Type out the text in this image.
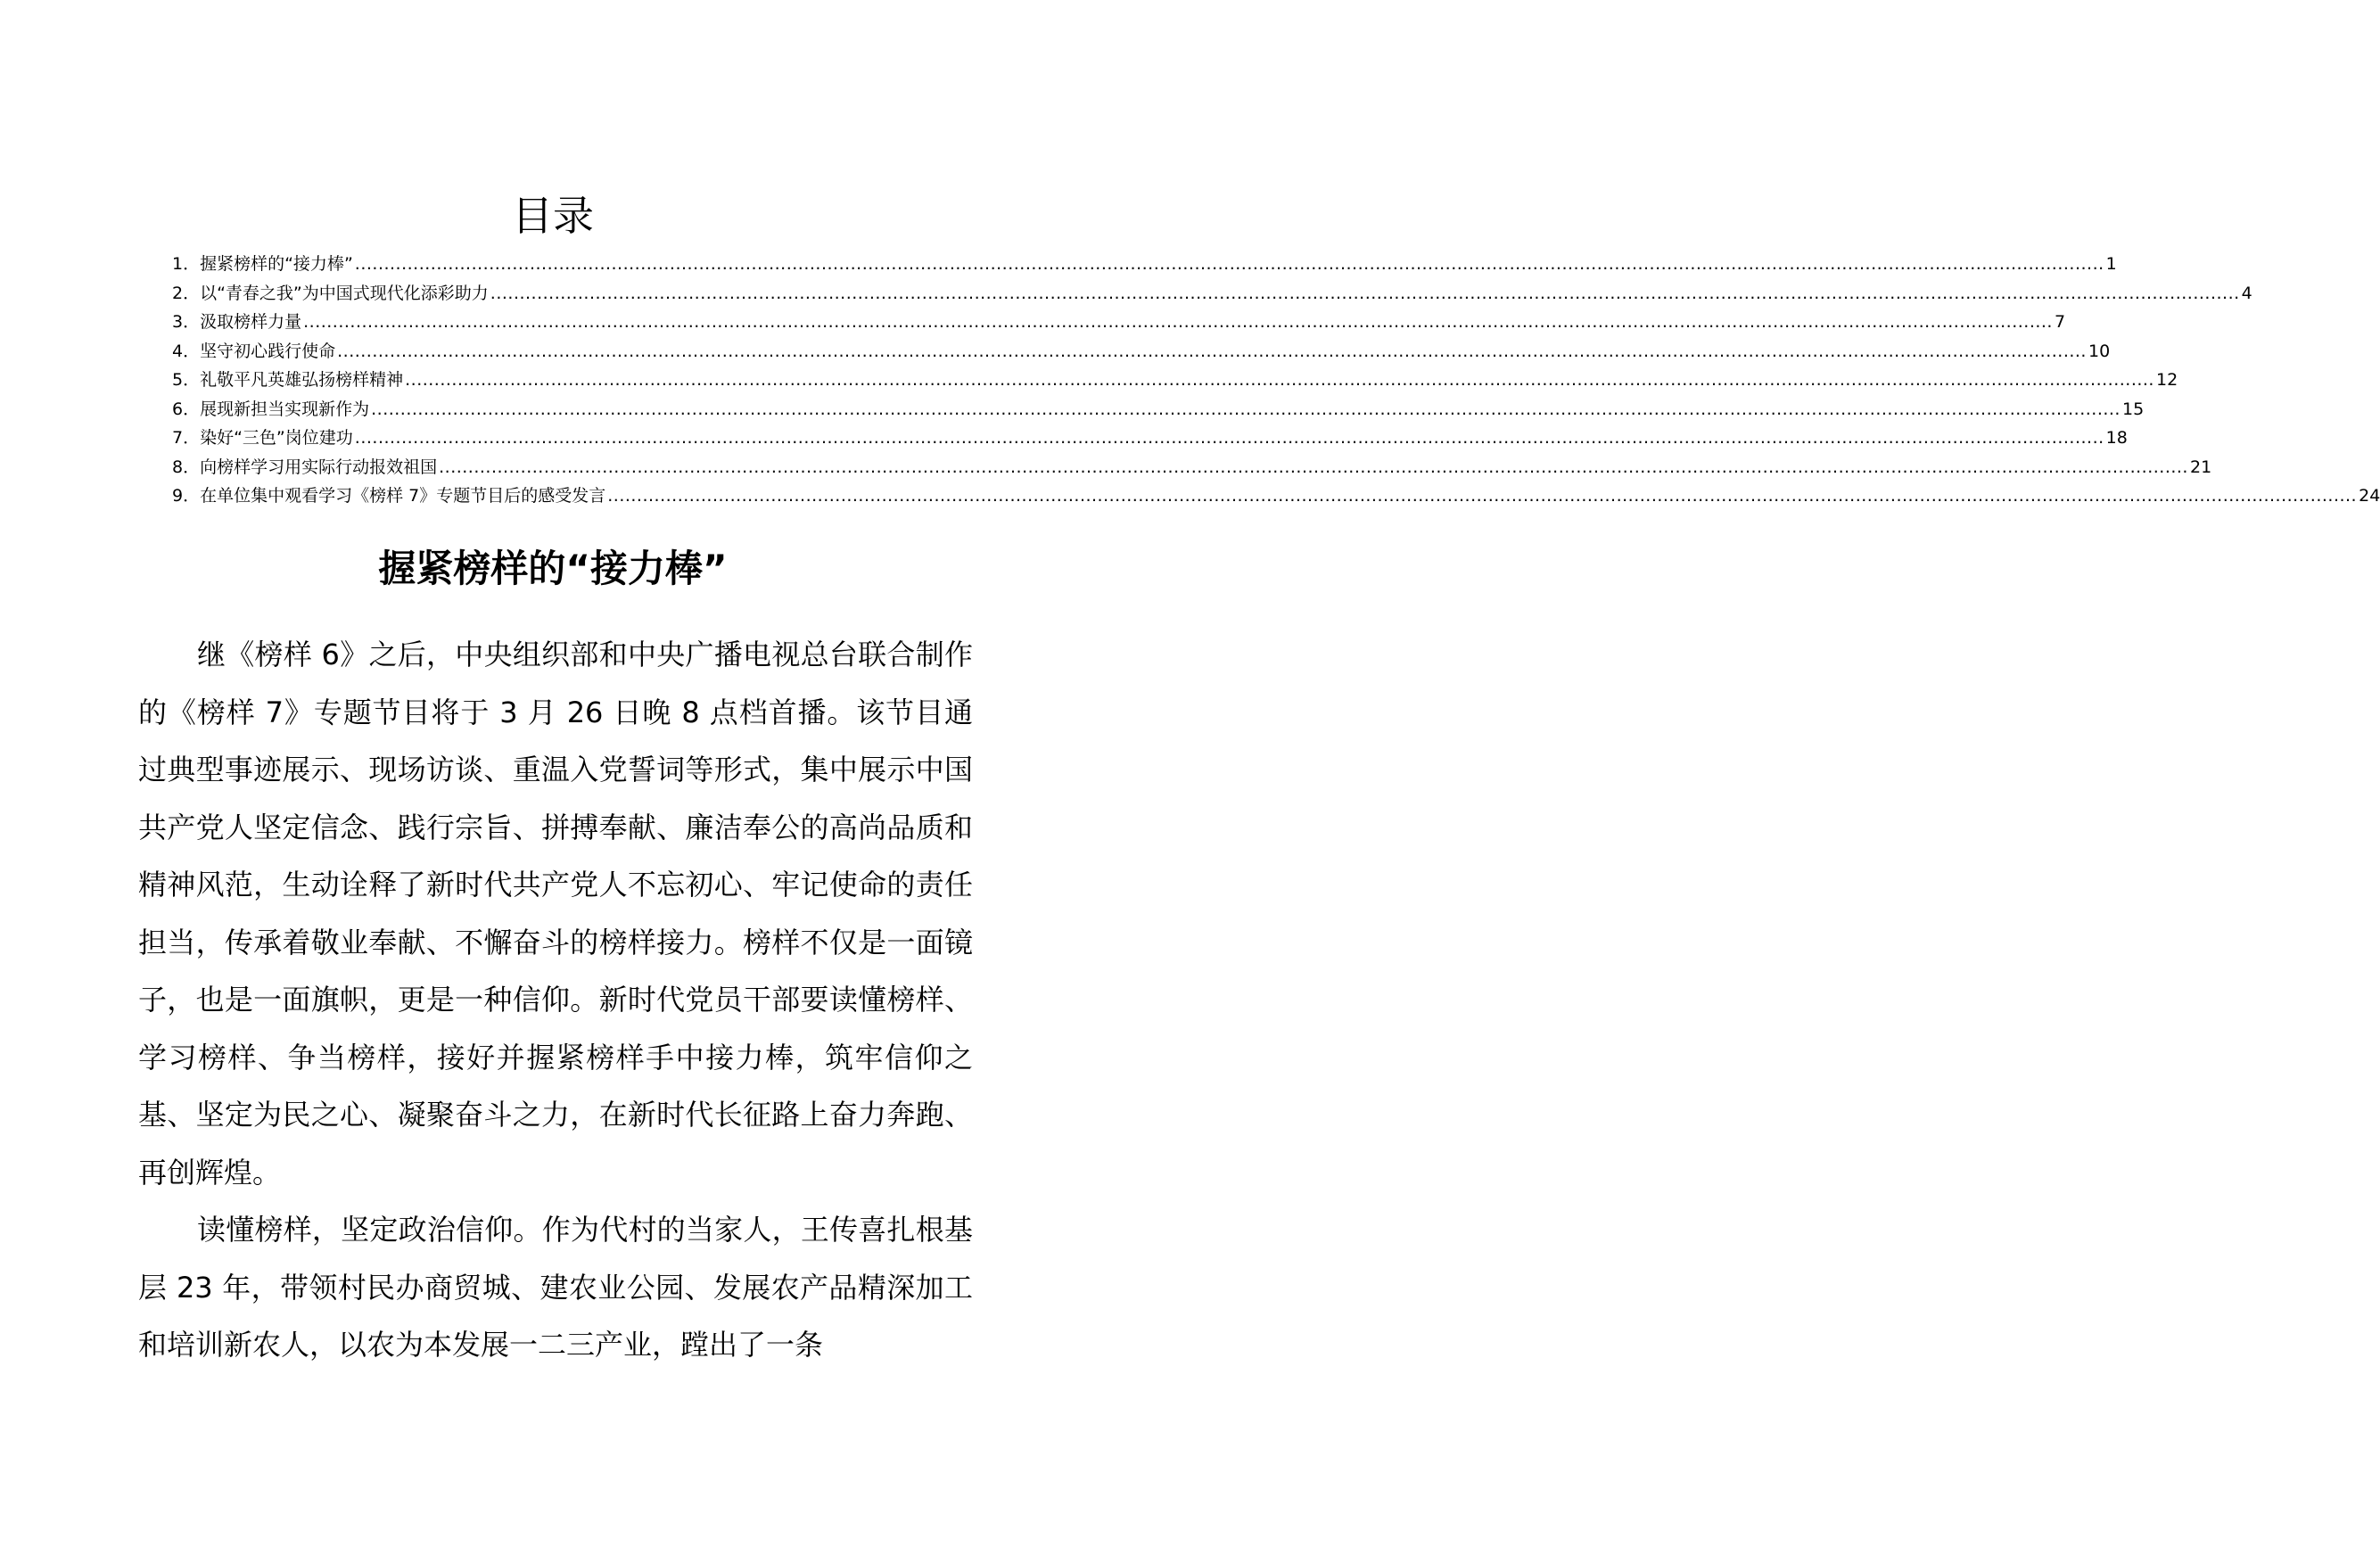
目录
1． 握紧榜样的“接力棒” ............................................................................................................................................................................................................................................................................................................ 1
2． 以“青春之我”为中国式现代化添彩助力 ............................................................................................................................................................................................................................................................................................................ 4
3． 汲取榜样力量 ............................................................................................................................................................................................................................................................................................................ 7
4． 坚守初心践行使命 ............................................................................................................................................................................................................................................................................................................ 10
5． 礼敬平凡英雄弘扬榜样精神 ............................................................................................................................................................................................................................................................................................................ 12
6． 展现新担当实现新作为 ............................................................................................................................................................................................................................................................................................................ 15
7． 染好“三色”岗位建功 ............................................................................................................................................................................................................................................................................................................ 18
8． 向榜样学习用实际行动报效祖国 ............................................................................................................................................................................................................................................................................................................ 21
9． 在单位集中观看学习《榜样 7》专题节目后的感受发言 ............................................................................................................................................................................................................................................................................................................ 24
握紧榜样的“接力棒”

继《榜样 6》之后，中央组织部和中央广播电视总台联合制作的《榜样 7》专题节目将于 3 月 26 日晚 8 点档首播。该节目通过典型事迹展示、现场访谈、重温入党誓词等形式，集中展示中国共产党人坚定信念、践行宗旨、拼搏奉献、廉洁奉公的高尚品质和精神风范，生动诠释了新时代共产党人不忘初心、牢记使命的责任担当，传承着敬业奉献、不懈奋斗的榜样接力。榜样不仅是一面镜子，也是一面旗帜，更是一种信仰。新时代党员干部要读懂榜样、学习榜样、争当榜样，接好并握紧榜样手中接力棒，筑牢信仰之基、坚定为民之心、凝聚奋斗之力，在新时代长征路上奋力奔跑、再创辉煌。

读懂榜样，坚定政治信仰。作为代村的当家人，王传喜扎根基层 23 年，带领村民办商贸城、建农业公园、发展农产品精深加工和培训新农人，以农为本发展一二三产业，蹚出了一条
